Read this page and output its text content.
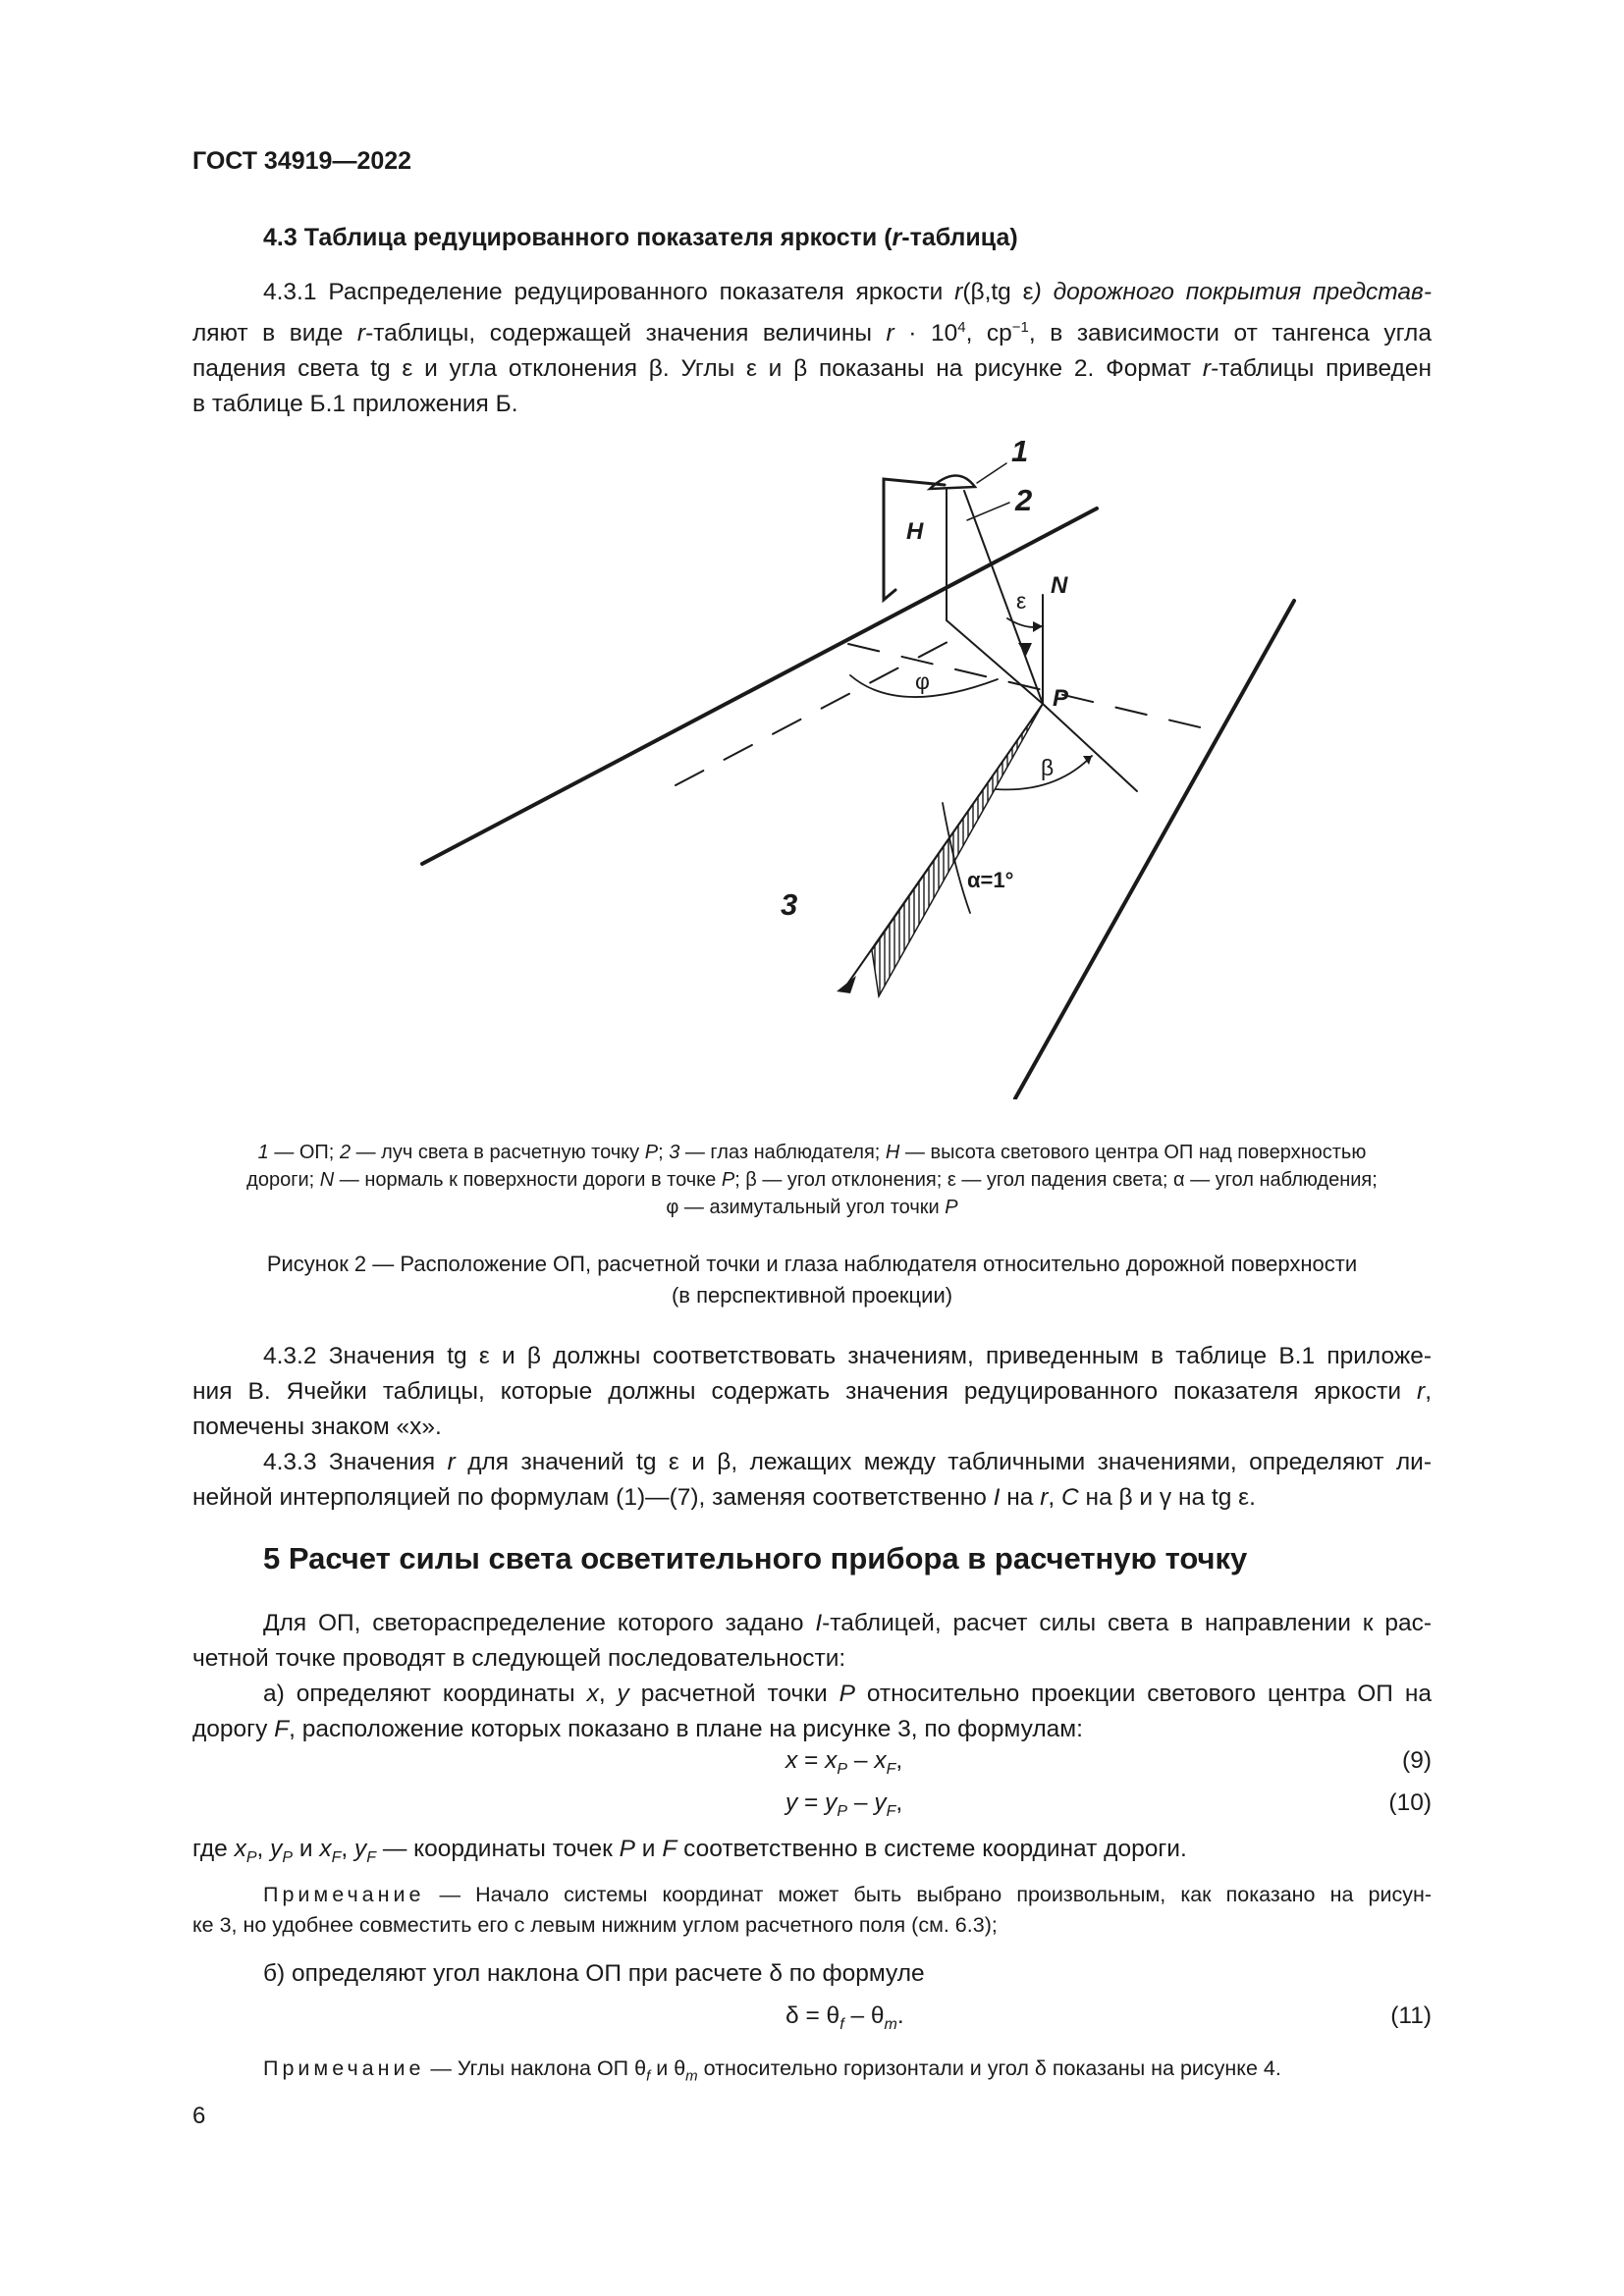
ГОСТ 34919—2022
4.3 Таблица редуцированного показателя яркости (r-таблица)
4.3.1 Распределение редуцированного показателя яркости r(β,tg ε) дорожного покрытия представ-
ляют в виде r-таблицы, содержащей значения величины $r \cdot 10^4$, $ср^{-1}$, в зависимости от тангенса угла
падения света tg ε и угла отклонения β. Углы ε и β показаны на рисунке 2. Формат r-таблицы приведен
в таблице Б.1 приложения Б.
1
2
3
H
N
P
ε
φ
β
α=1°
1 — ОП; 2 — луч света в расчетную точку P; 3 — глаз наблюдателя; H — высота светового центра ОП над поверхностью
дороги; N — нормаль к поверхности дороги в точке P; β — угол отклонения; ε — угол падения света; α — угол наблюдения;
φ — азимутальный угол точки P
Рисунок 2 — Расположение ОП, расчетной точки и глаза наблюдателя относительно дорожной поверхности
(в перспективной проекции)
4.3.2 Значения tg ε и β должны соответствовать значениям, приведенным в таблице В.1 приложе-
ния В. Ячейки таблицы, которые должны содержать значения редуцированного показателя яркости r,
помечены знаком «х».
4.3.3 Значения r для значений tg ε и β, лежащих между табличными значениями, определяют ли-
нейной интерполяцией по формулам (1)—(7), заменяя соответственно I на r, C на β и γ на tg ε.
5 Расчет силы света осветительного прибора в расчетную точку
Для ОП, светораспределение которого задано I-таблицей, расчет силы света в направлении к рас-
четной точке проводят в следующей последовательности:
а) определяют координаты x, y расчетной точки P относительно проекции светового центра ОП на
дорогу F, расположение которых показано в плане на рисунке 3, по формулам:
$x = x_P - x_F$,	(9)
$y = y_P - y_F$,	(10)
где $x_P$, $y_P$ и $x_F$, $y_F$ — координаты точек P и F соответственно в системе координат дороги.
Примечание — Начало системы координат может быть выбрано произвольным, как показано на рисун-
ке 3, но удобнее совместить его с левым нижним углом расчетного поля (см. 6.3);
б) определяют угол наклона ОП при расчете δ по формуле
$\delta = \theta_f - \theta_m$.	(11)
Примечание — Углы наклона ОП $\theta_f$ и $\theta_m$ относительно горизонтали и угол δ показаны на рисунке 4.
6
